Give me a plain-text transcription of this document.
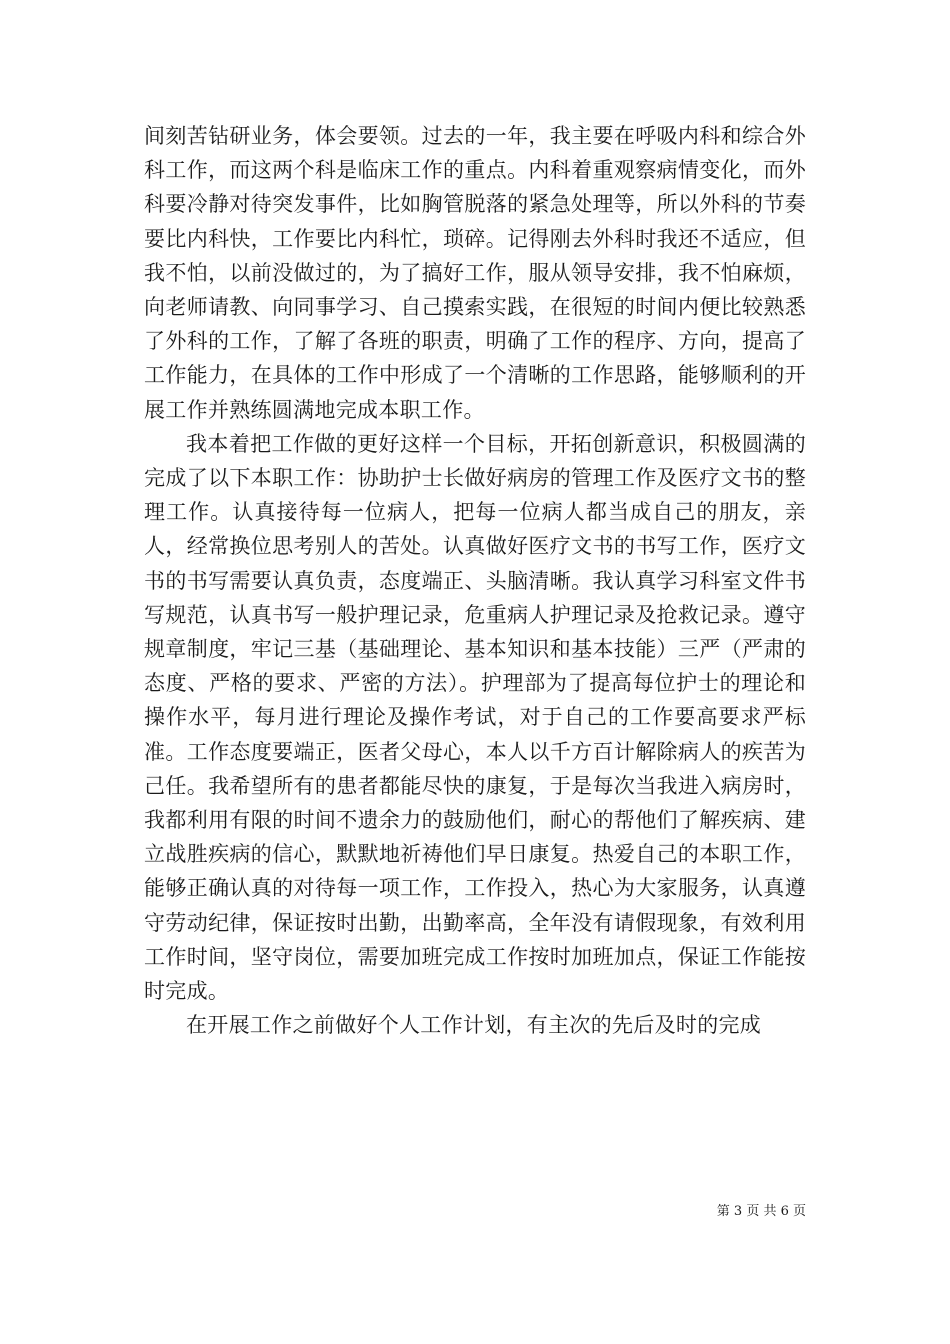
间刻苦钻研业务，体会要领。过去的一年，我主要在呼吸内科和综合外科工作，而这两个科是临床工作的重点。内科着重观察病情变化，而外科要冷静对待突发事件，比如胸管脱落的紧急处理等，所以外科的节奏要比内科快，工作要比内科忙，琐碎。记得刚去外科时我还不适应，但我不怕，以前没做过的，为了搞好工作，服从领导安排，我不怕麻烦，向老师请教、向同事学习、自己摸索实践，在很短的时间内便比较熟悉了外科的工作，了解了各班的职责，明确了工作的程序、方向，提高了工作能力，在具体的工作中形成了一个清晰的工作思路，能够顺利的开展工作并熟练圆满地完成本职工作。

我本着把工作做的更好这样一个目标，开拓创新意识，积极圆满的完成了以下本职工作：协助护士长做好病房的管理工作及医疗文书的整理工作。认真接待每一位病人，把每一位病人都当成自己的朋友，亲人，经常换位思考别人的苦处。认真做好医疗文书的书写工作，医疗文书的书写需要认真负责，态度端正、头脑清晰。我认真学习科室文件书写规范，认真书写一般护理记录，危重病人护理记录及抢救记录。遵守规章制度，牢记三基（基础理论、基本知识和基本技能）三严（严肃的态度、严格的要求、严密的方法）。护理部为了提高每位护士的理论和操作水平，每月进行理论及操作考试，对于自己的工作要高要求严标准。工作态度要端正，医者父母心，本人以千方百计解除病人的疾苦为己任。我希望所有的患者都能尽快的康复，于是每次当我进入病房时，我都利用有限的时间不遗余力的鼓励他们，耐心的帮他们了解疾病、建立战胜疾病的信心，默默地祈祷他们早日康复。热爱自己的本职工作，能够正确认真的对待每一项工作，工作投入，热心为大家服务，认真遵守劳动纪律，保证按时出勤，出勤率高，全年没有请假现象，有效利用工作时间，坚守岗位，需要加班完成工作按时加班加点，保证工作能按时完成。

在开展工作之前做好个人工作计划，有主次的先后及时的完成

第 3 页 共 6 页
